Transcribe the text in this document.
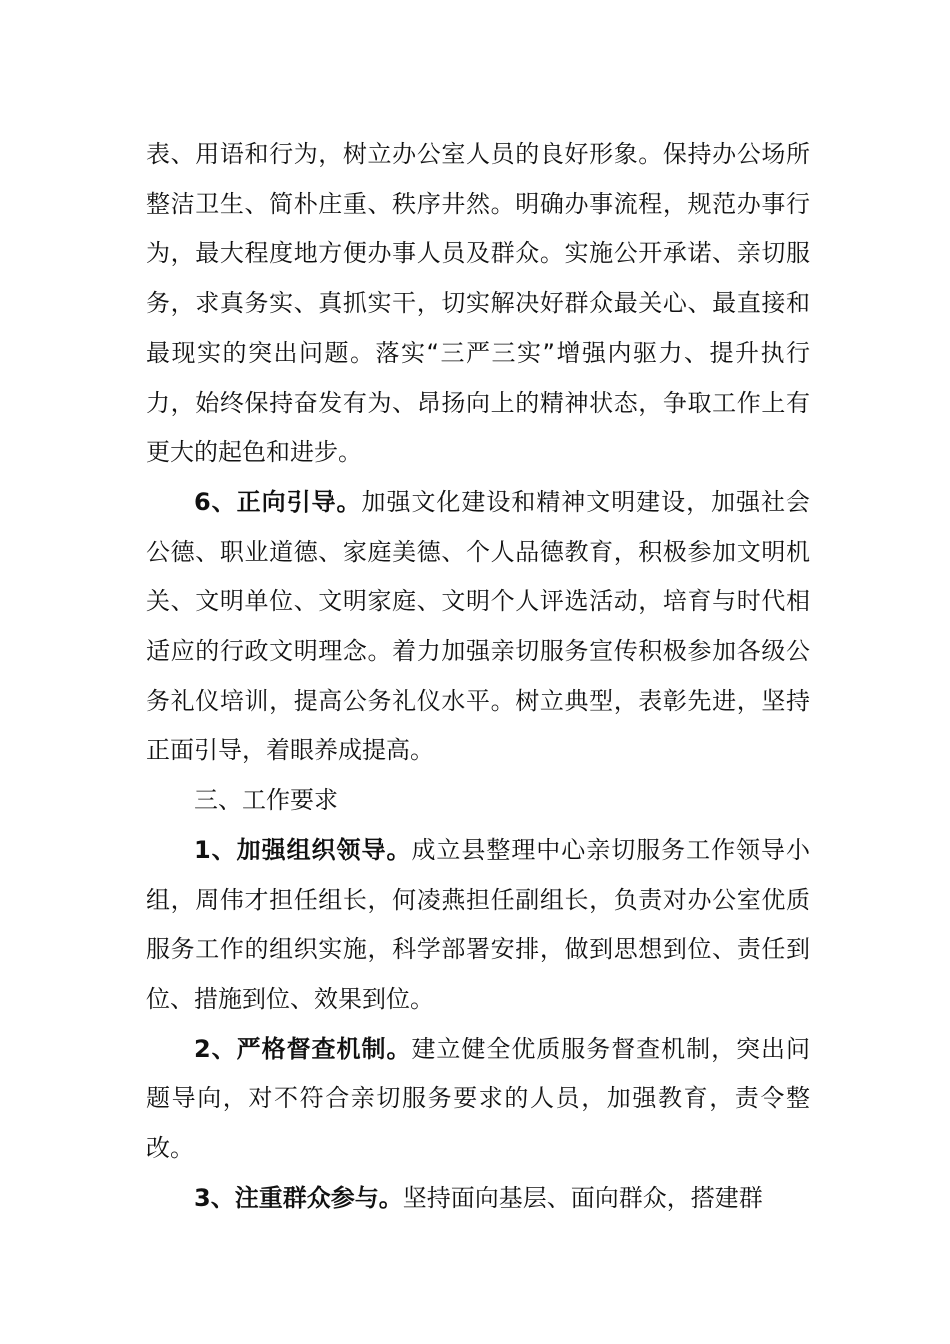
表、用语和行为，树立办公室人员的良好形象。保持办公场所整洁卫生、简朴庄重、秩序井然。明确办事流程，规范办事行为，最大程度地方便办事人员及群众。实施公开承诺、亲切服务，求真务实、真抓实干，切实解决好群众最关心、最直接和最现实的突出问题。落实“三严三实”增强内驱力、提升执行力，始终保持奋发有为、昂扬向上的精神状态，争取工作上有更大的起色和进步。

6、正向引导。加强文化建设和精神文明建设，加强社会公德、职业道德、家庭美德、个人品德教育，积极参加文明机关、文明单位、文明家庭、文明个人评选活动，培育与时代相适应的行政文明理念。着力加强亲切服务宣传积极参加各级公务礼仪培训，提高公务礼仪水平。树立典型，表彰先进，坚持正面引导，着眼养成提高。

三、工作要求

1、加强组织领导。成立县整理中心亲切服务工作领导小组，周伟才担任组长，何凌燕担任副组长，负责对办公室优质服务工作的组织实施，科学部署安排，做到思想到位、责任到位、措施到位、效果到位。

2、严格督查机制。建立健全优质服务督查机制，突出问题导向，对不符合亲切服务要求的人员，加强教育，责令整改。

3、注重群众参与。坚持面向基层、面向群众，搭建群
